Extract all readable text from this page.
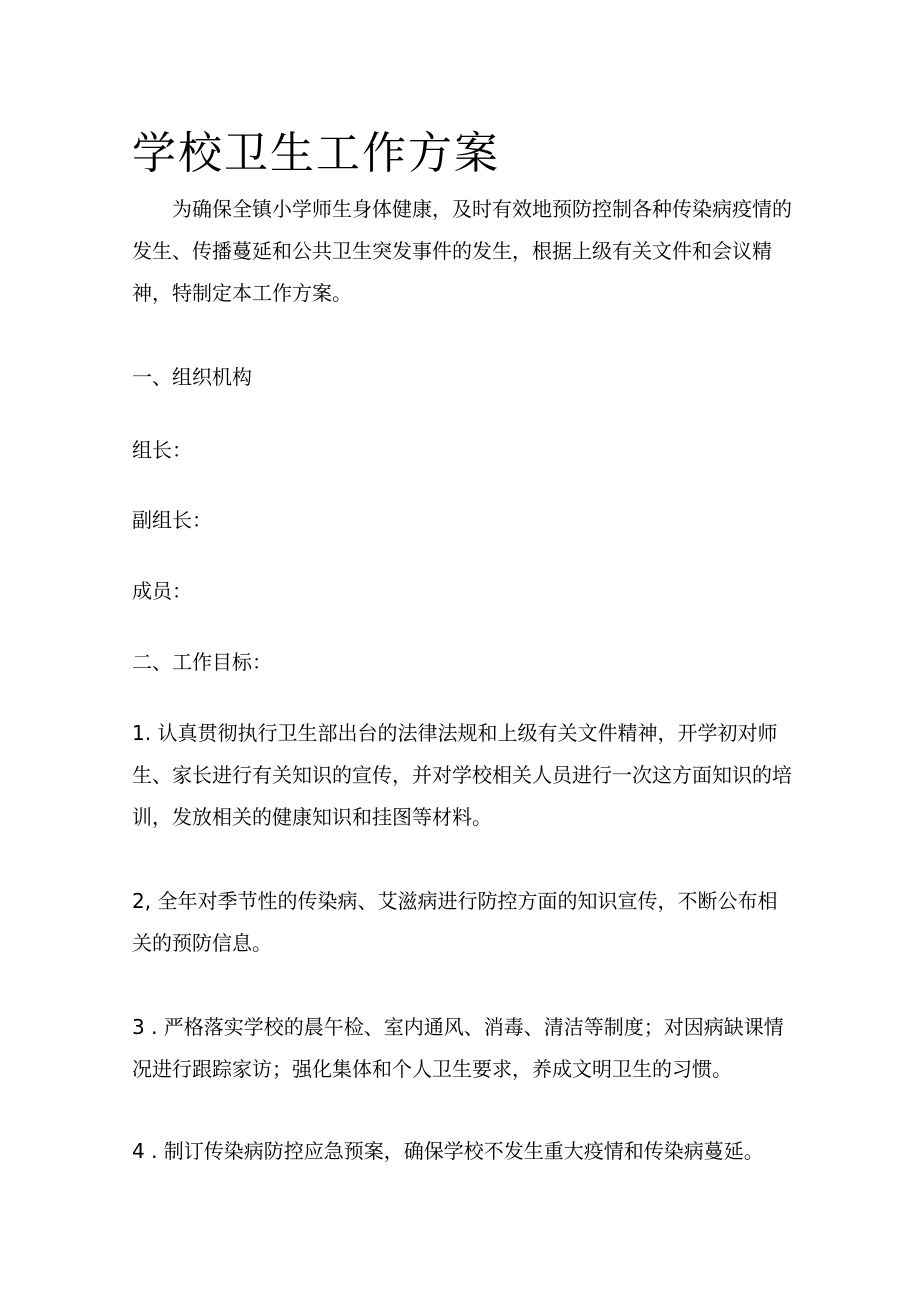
学校卫生工作方案

为确保全镇小学师生身体健康，及时有效地预防控制各种传染病疫情的发生、传播蔓延和公共卫生突发事件的发生，根据上级有关文件和会议精神，特制定本工作方案。

一、组织机构
组长：
副组长：
成员：
二、工作目标：

1. 认真贯彻执行卫生部出台的法律法规和上级有关文件精神，开学初对师生、家长进行有关知识的宣传，并对学校相关人员进行一次这方面知识的培训，发放相关的健康知识和挂图等材料。

2, 全年对季节性的传染病、艾滋病进行防控方面的知识宣传，不断公布相关的预防信息。

3 . 严格落实学校的晨午检、室内通风、消毒、清洁等制度；对因病缺课情况进行跟踪家访；强化集体和个人卫生要求，养成文明卫生的习惯。

4 . 制订传染病防控应急预案，确保学校不发生重大疫情和传染病蔓延。
